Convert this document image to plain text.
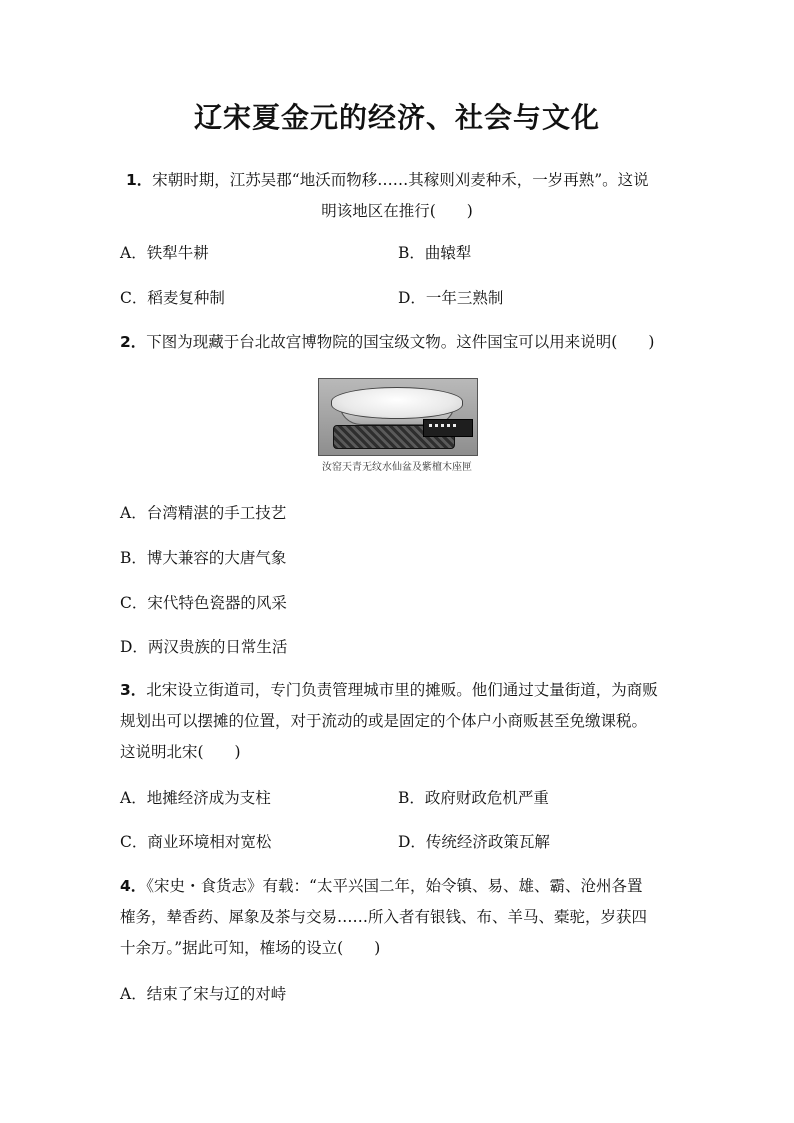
辽宋夏金元的经济、社会与文化
1．宋朝时期，江苏吴郡“地沃而物移……其稼则刈麦种禾，一岁再熟”。这说
明该地区在推行(　　)
A．铁犁牛耕	B．曲辕犁
C．稻麦复种制	D．一年三熟制
2．下图为现藏于台北故宫博物院的国宝级文物。这件国宝可以用来说明(　　)
汝窑天青无纹水仙盆及紫檀木座匣
A．台湾精湛的手工技艺
B．博大兼容的大唐气象
C．宋代特色瓷器的风采
D．两汉贵族的日常生活
3．北宋设立街道司，专门负责管理城市里的摊贩。他们通过丈量街道，为商贩
规划出可以摆摊的位置，对于流动的或是固定的个体户小商贩甚至免缴课税。
这说明北宋(　　)
A．地摊经济成为支柱	B．政府财政危机严重
C．商业环境相对宽松	D．传统经济政策瓦解
4．《宋史・食货志》有载：“太平兴国二年，始令镇、易、雄、霸、沧州各置
榷务，辇香药、犀象及茶与交易……所入者有银钱、布、羊马、橐驼，岁获四
十余万。”据此可知，榷场的设立(　　)
A．结束了宋与辽的对峙
